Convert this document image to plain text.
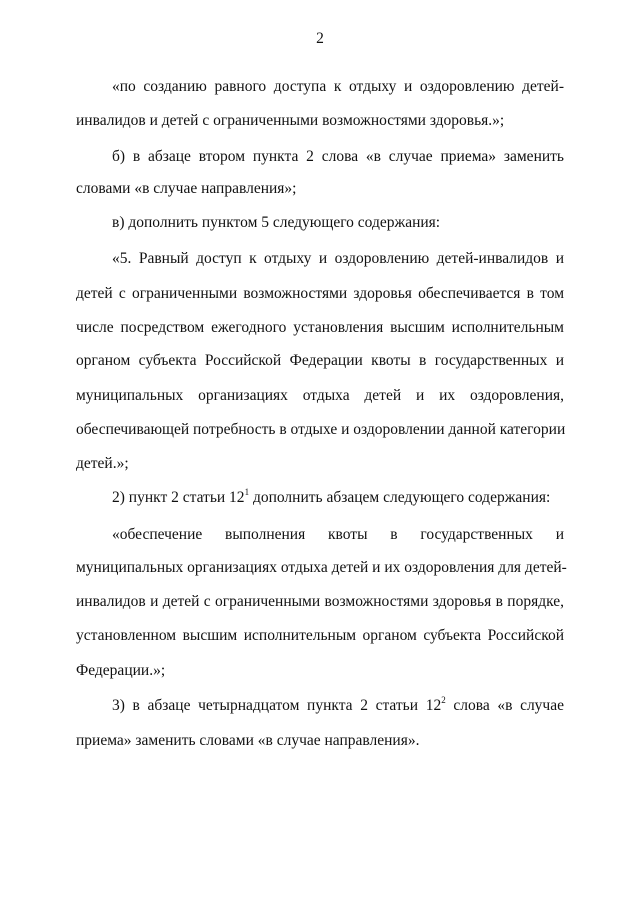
2
«по созданию равного доступа к отдыху и оздоровлению детей-
инвалидов и детей с ограниченными возможностями здоровья.»;
б) в абзаце втором пункта 2 слова «в случае приема» заменить
словами «в случае направления»;
в) дополнить пунктом 5 следующего содержания:
«5. Равный доступ к отдыху и оздоровлению детей-инвалидов и
детей с ограниченными возможностями здоровья обеспечивается в том
числе посредством ежегодного установления высшим исполнительным
органом субъекта Российской Федерации квоты в государственных и
муниципальных организациях отдыха детей и их оздоровления,
обеспечивающей потребность в отдыхе и оздоровлении данной категории
детей.»;
2) пункт 2 статьи $12^1$ дополнить абзацем следующего содержания:
«обеспечение выполнения квоты в государственных и
муниципальных организациях отдыха детей и их оздоровления для детей-
инвалидов и детей с ограниченными возможностями здоровья в порядке,
установленном высшим исполнительным органом субъекта Российской
Федерации.»;
3) в абзаце четырнадцатом пункта 2 статьи $12^2$ слова «в случае
приема» заменить словами «в случае направления».
